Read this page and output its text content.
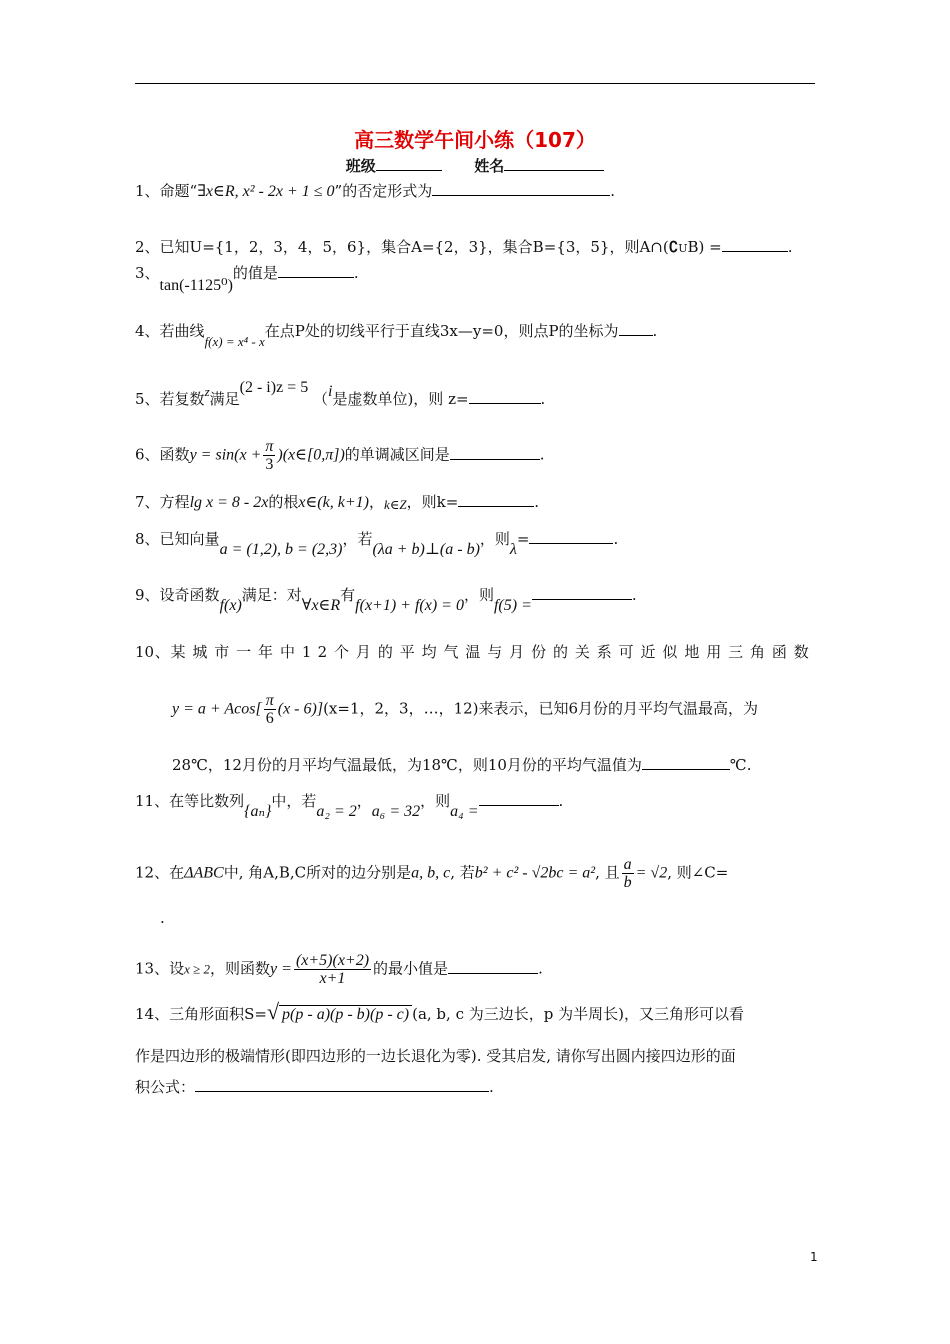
高三数学午间小练（107）
班级	姓名
1、命题“∃x∈R, x² - 2x + 1 ≤ 0”的否定形式为	.
2、已知U={1，2，3，4，5，6}，集合A={2，3}，集合B={3，5}，则A∩(∁UB) =	.
3、tan(-1125⁰)的值是	.
4、若曲线f(x) = x⁴ - x在点P处的切线平行于直线3x—y=0，则点P的坐标为 .
5、若复数z满足(2 - i)z = 5 （i是虚数单位)，则 z=	.
6、函数$y = \sin(x + \frac{\pi}{3}$ )(x∈[0,π])的单调减区间是	.
7、方程lg x = 8 - 2x的根x∈(k, k+1)，k∈Z，则k=	.
8、已知向量a = (1,2), b = (2,3)，若(λa + b)⊥(a - b)，则λ=	.
9、设奇函数f(x)满足：对∀x∈R有f(x+1) + f(x) = 0，则f(5) =.
10、某城市一年中12个月的平均气温与月份的关系可近似地用三角函数
$y = a + Acos[ \frac{\pi}{6} (x - 6)](x=1$，2，3，…，12)来表示，已知6月份的月平均气温最高，为
28℃，12月份的月平均气温最低，为18℃，则10月份的平均气温值为	℃.
11、在等比数列{aₙ}中，若a₂ = 2，a₆ = 32，则a₄ =.
12、在ΔABC中, 角A,B,C所对的边分别是a, b, c, 若b² + c² - √2bc = a², 且 $\frac{a}{b} = √2$, 则∠C=
.
13、设x ≥ 2，则函数$y = \frac{(x+5)(x+2)}{x+1}$ 的最小值是	.
14、三角形面积S=√ p(p - a)(p - b)(p - c) (a, b, c 为三边长，p 为半周长)，又三角形可以看
作是四边形的极端情形(即四边形的一边长退化为零). 受其启发, 请你写出圆内接四边形的面
积公式：	.
1
